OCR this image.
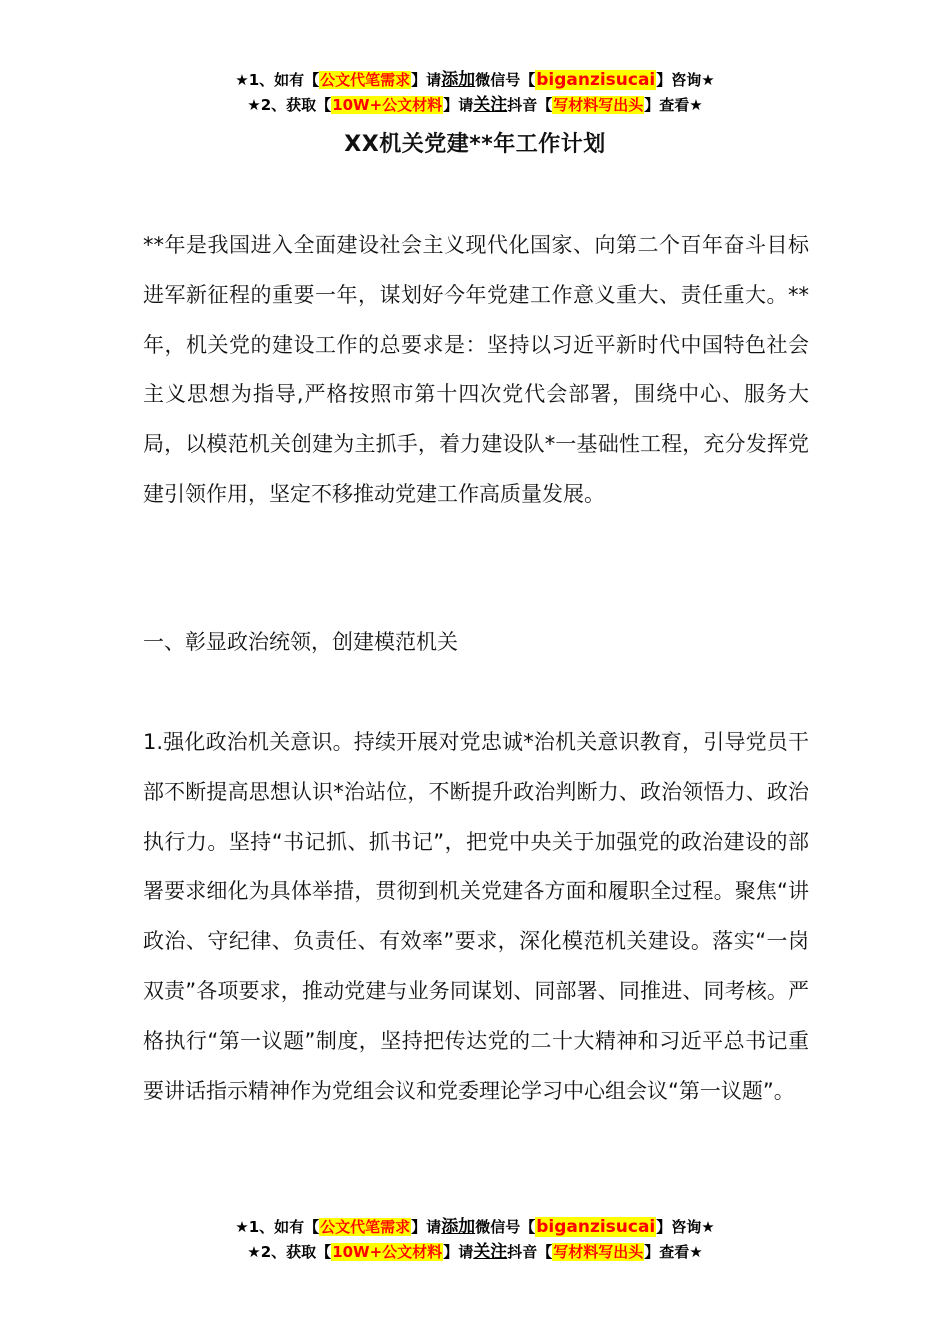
★1、如有【公文代笔需求】请添加微信号【biganzisucai】咨询★
★2、获取【10W+公文材料】请关注抖音【写材料写出头】查看★
XX机关党建**年工作计划

**年是我国进入全面建设社会主义现代化国家、向第二个百年奋斗目标进军新征程的重要一年，谋划好今年党建工作意义重大、责任重大。**年，机关党的建设工作的总要求是：坚持以习近平新时代中国特色社会主义思想为指导,严格按照市第十四次党代会部署，围绕中心、服务大局，以模范机关创建为主抓手，着力建设队*一基础性工程，充分发挥党建引领作用，坚定不移推动党建工作高质量发展。

一、彰显政治统领，创建模范机关

1.强化政治机关意识。持续开展对党忠诚*治机关意识教育，引导党员干部不断提高思想认识*治站位，不断提升政治判断力、政治领悟力、政治执行力。坚持“书记抓、抓书记”，把党中央关于加强党的政治建设的部署要求细化为具体举措，贯彻到机关党建各方面和履职全过程。聚焦“讲政治、守纪律、负责任、有效率”要求，深化模范机关建设。落实“一岗双责”各项要求，推动党建与业务同谋划、同部署、同推进、同考核。严格执行“第一议题”制度，坚持把传达党的二十大精神和习近平总书记重要讲话指示精神作为党组会议和党委理论学习中心组会议“第一议题”。

★1、如有【公文代笔需求】请添加微信号【biganzisucai】咨询★
★2、获取【10W+公文材料】请关注抖音【写材料写出头】查看★
